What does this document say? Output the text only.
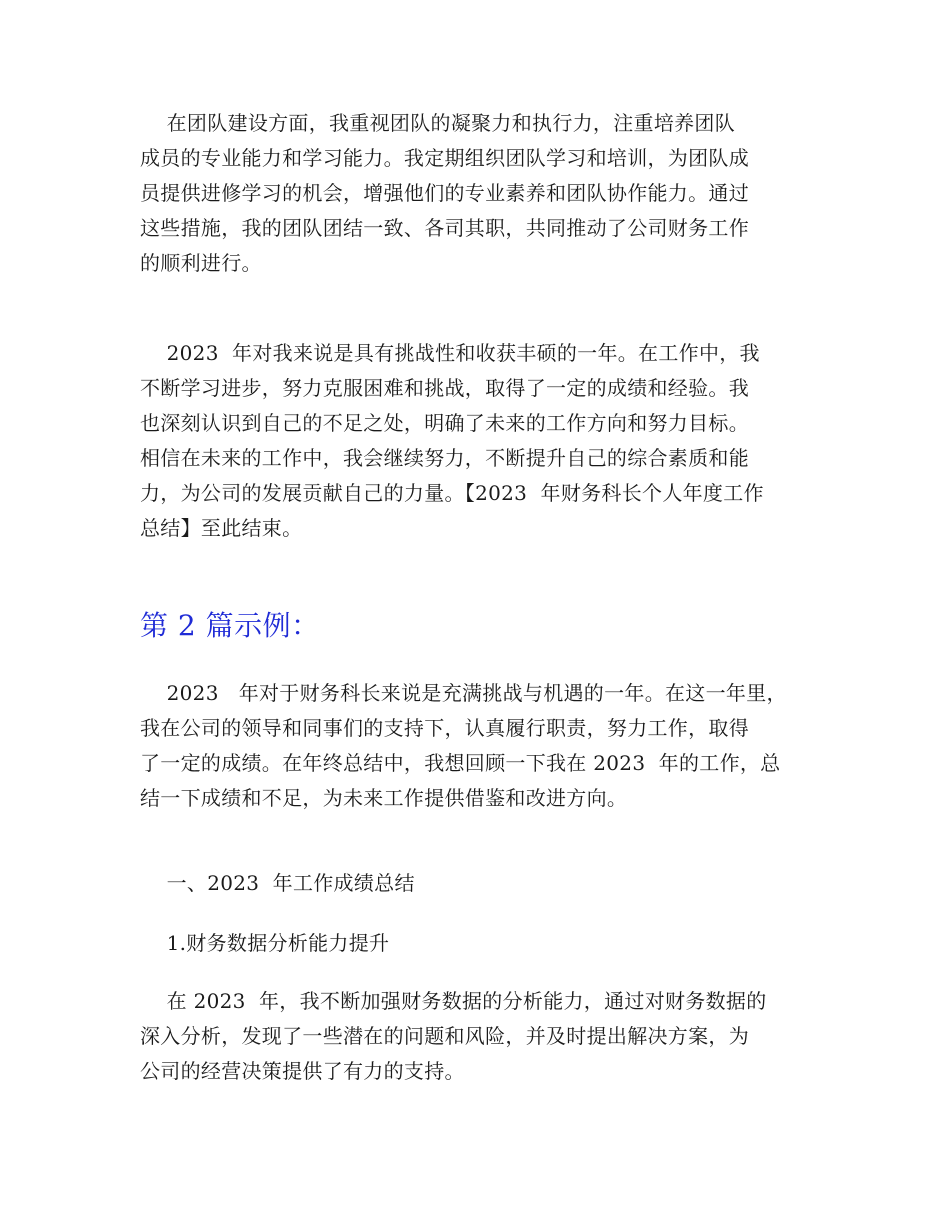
在团队建设方面，我重视团队的凝聚力和执行力，注重培养团队
成员的专业能力和学习能力。我定期组织团队学习和培训，为团队成
员提供进修学习的机会，增强他们的专业素养和团队协作能力。通过
这些措施，我的团队团结一致、各司其职，共同推动了公司财务工作
的顺利进行。
2023  年对我来说是具有挑战性和收获丰硕的一年。在工作中，我
不断学习进步，努力克服困难和挑战，取得了一定的成绩和经验。我
也深刻认识到自己的不足之处，明确了未来的工作方向和努力目标。
相信在未来的工作中，我会继续努力，不断提升自己的综合素质和能
力，为公司的发展贡献自己的力量。【2023  年财务科长个人年度工作
总结】至此结束。
第 2 篇示例：
2023   年对于财务科长来说是充满挑战与机遇的一年。在这一年里，
我在公司的领导和同事们的支持下，认真履行职责，努力工作，取得
了一定的成绩。在年终总结中，我想回顾一下我在 2023  年的工作，总
结一下成绩和不足，为未来工作提供借鉴和改进方向。
一、2023  年工作成绩总结
1.财务数据分析能力提升
在 2023  年，我不断加强财务数据的分析能力，通过对财务数据的
深入分析，发现了一些潜在的问题和风险，并及时提出解决方案，为
公司的经营决策提供了有力的支持。
